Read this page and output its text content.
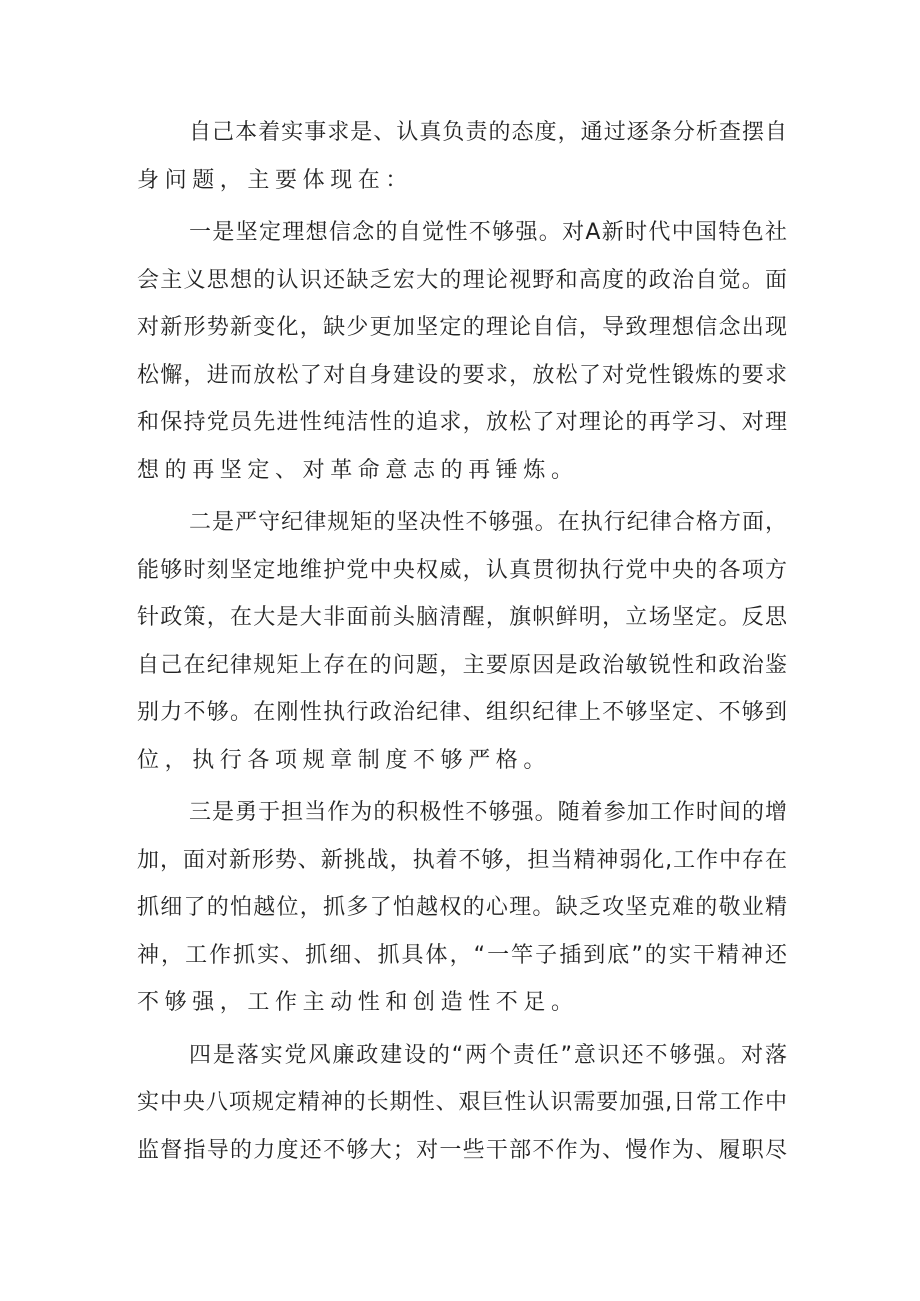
自己本着实事求是、认真负责的态度，通过逐条分析查摆自
身问题，主要体现在：
一是坚定理想信念的自觉性不够强。对A新时代中国特色社
会主义思想的认识还缺乏宏大的理论视野和高度的政治自觉。面
对新形势新变化，缺少更加坚定的理论自信，导致理想信念出现
松懈，进而放松了对自身建设的要求，放松了对党性锻炼的要求
和保持党员先进性纯洁性的追求，放松了对理论的再学习、对理
想的再坚定、对革命意志的再锤炼。
二是严守纪律规矩的坚决性不够强。在执行纪律合格方面，
能够时刻坚定地维护党中央权威，认真贯彻执行党中央的各项方
针政策，在大是大非面前头脑清醒，旗帜鲜明，立场坚定。反思
自己在纪律规矩上存在的问题，主要原因是政治敏锐性和政治鉴
别力不够。在刚性执行政治纪律、组织纪律上不够坚定、不够到
位，执行各项规章制度不够严格。
三是勇于担当作为的积极性不够强。随着参加工作时间的增
加，面对新形势、新挑战，执着不够，担当精神弱化,工作中存在
抓细了的怕越位，抓多了怕越权的心理。缺乏攻坚克难的敬业精
神，工作抓实、抓细、抓具体，“一竿子插到底”的实干精神还
不够强，工作主动性和创造性不足。
四是落实党风廉政建设的“两个责任”意识还不够强。对落
实中央八项规定精神的长期性、艰巨性认识需要加强,日常工作中
监督指导的力度还不够大；对一些干部不作为、慢作为、履职尽
